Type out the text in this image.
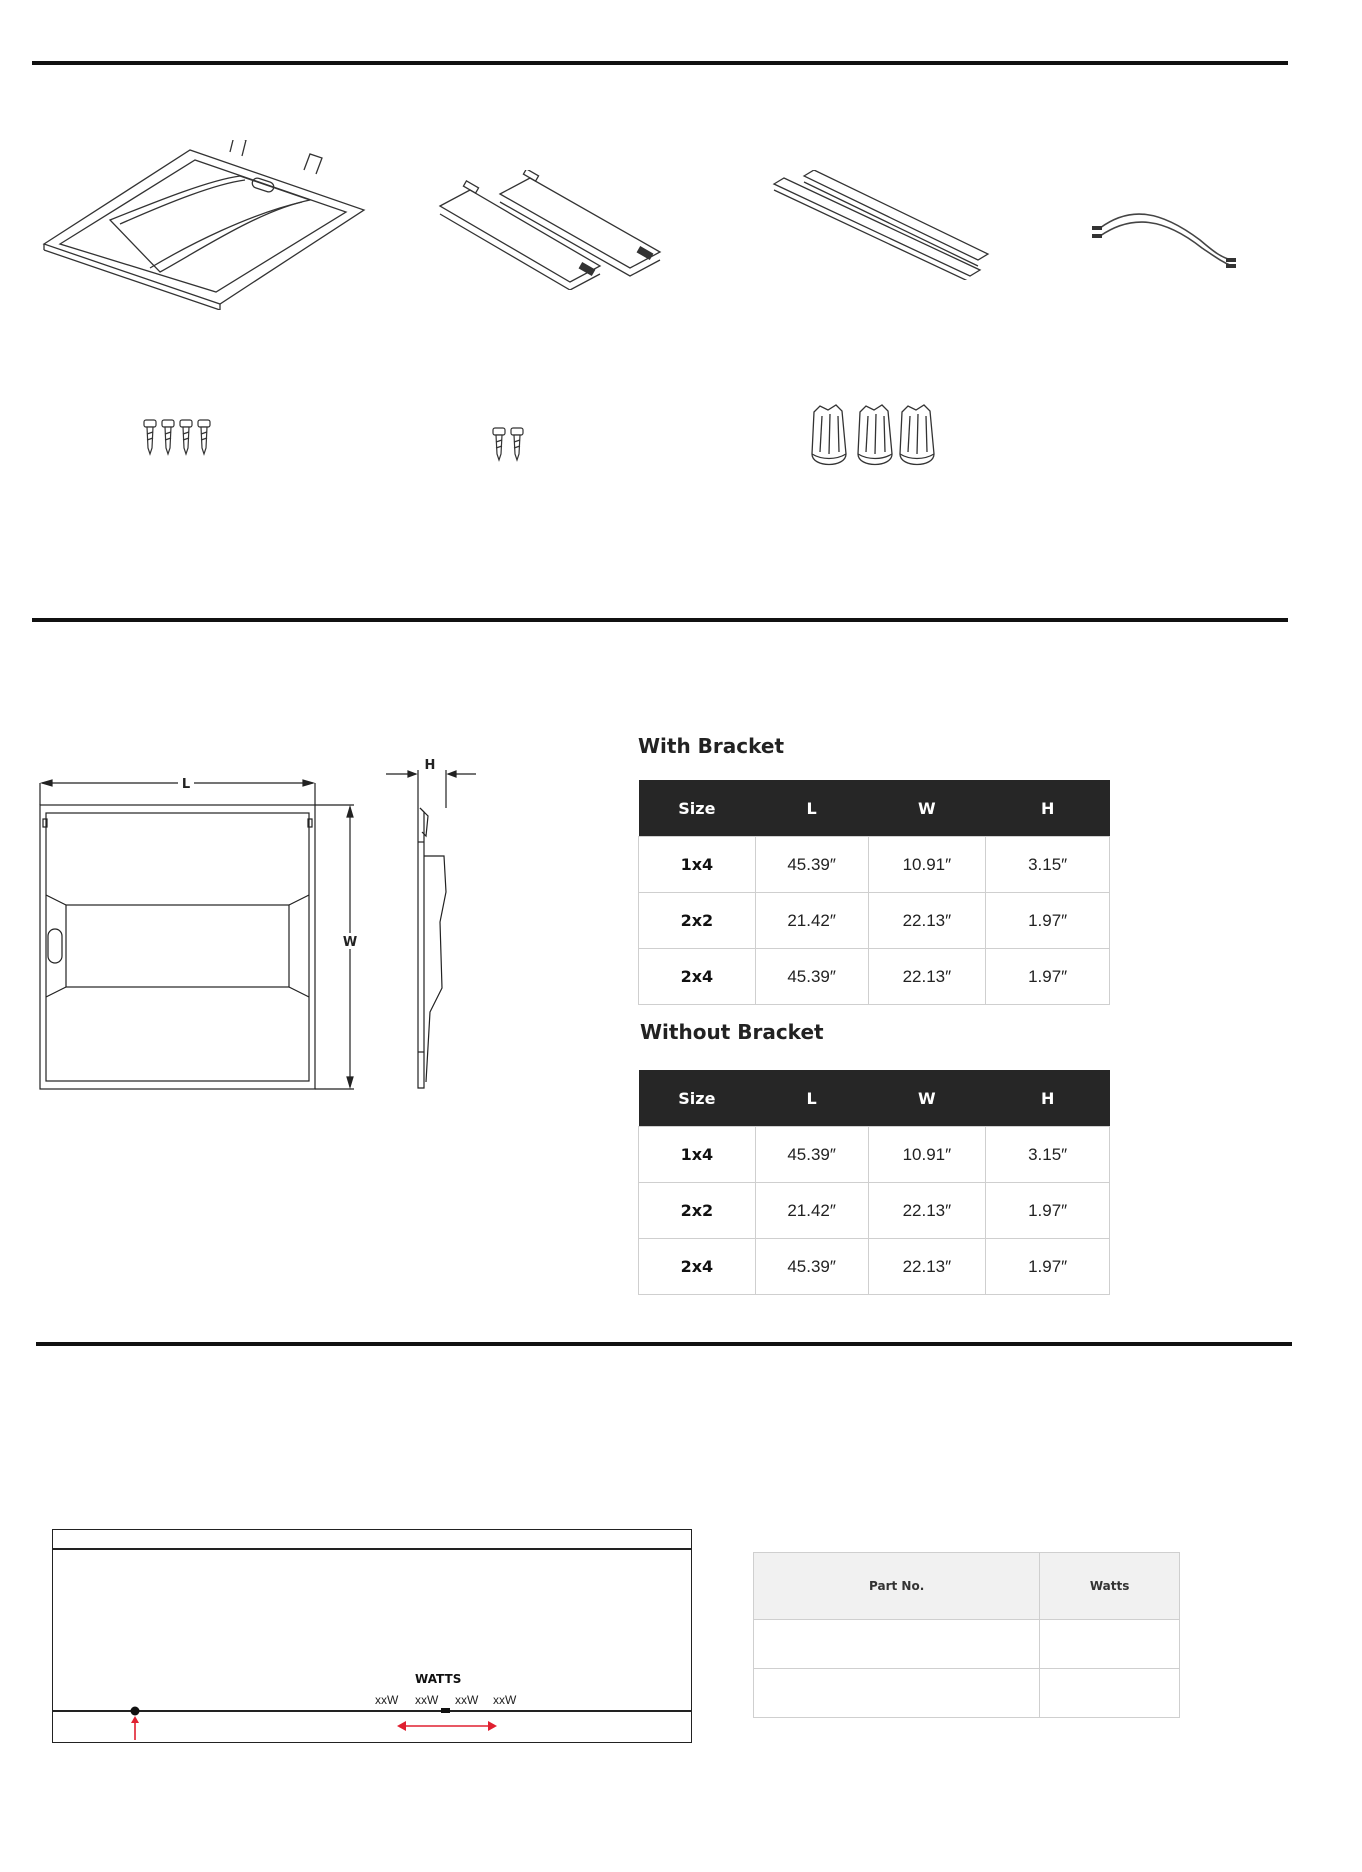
L
W
H
With Bracket
Size	L	W	H
1x4	45.39″	10.91″	3.15″
2x2	21.42″	22.13″	1.97″
2x4	45.39″	22.13″	1.97″
Without Bracket
Size	L	W	H
1x4	45.39″	10.91″	3.15″
2x2	21.42″	22.13″	1.97″
2x4	45.39″	22.13″	1.97″
WATTS
xxW xxW xxW xxW
Part No.	Watts
